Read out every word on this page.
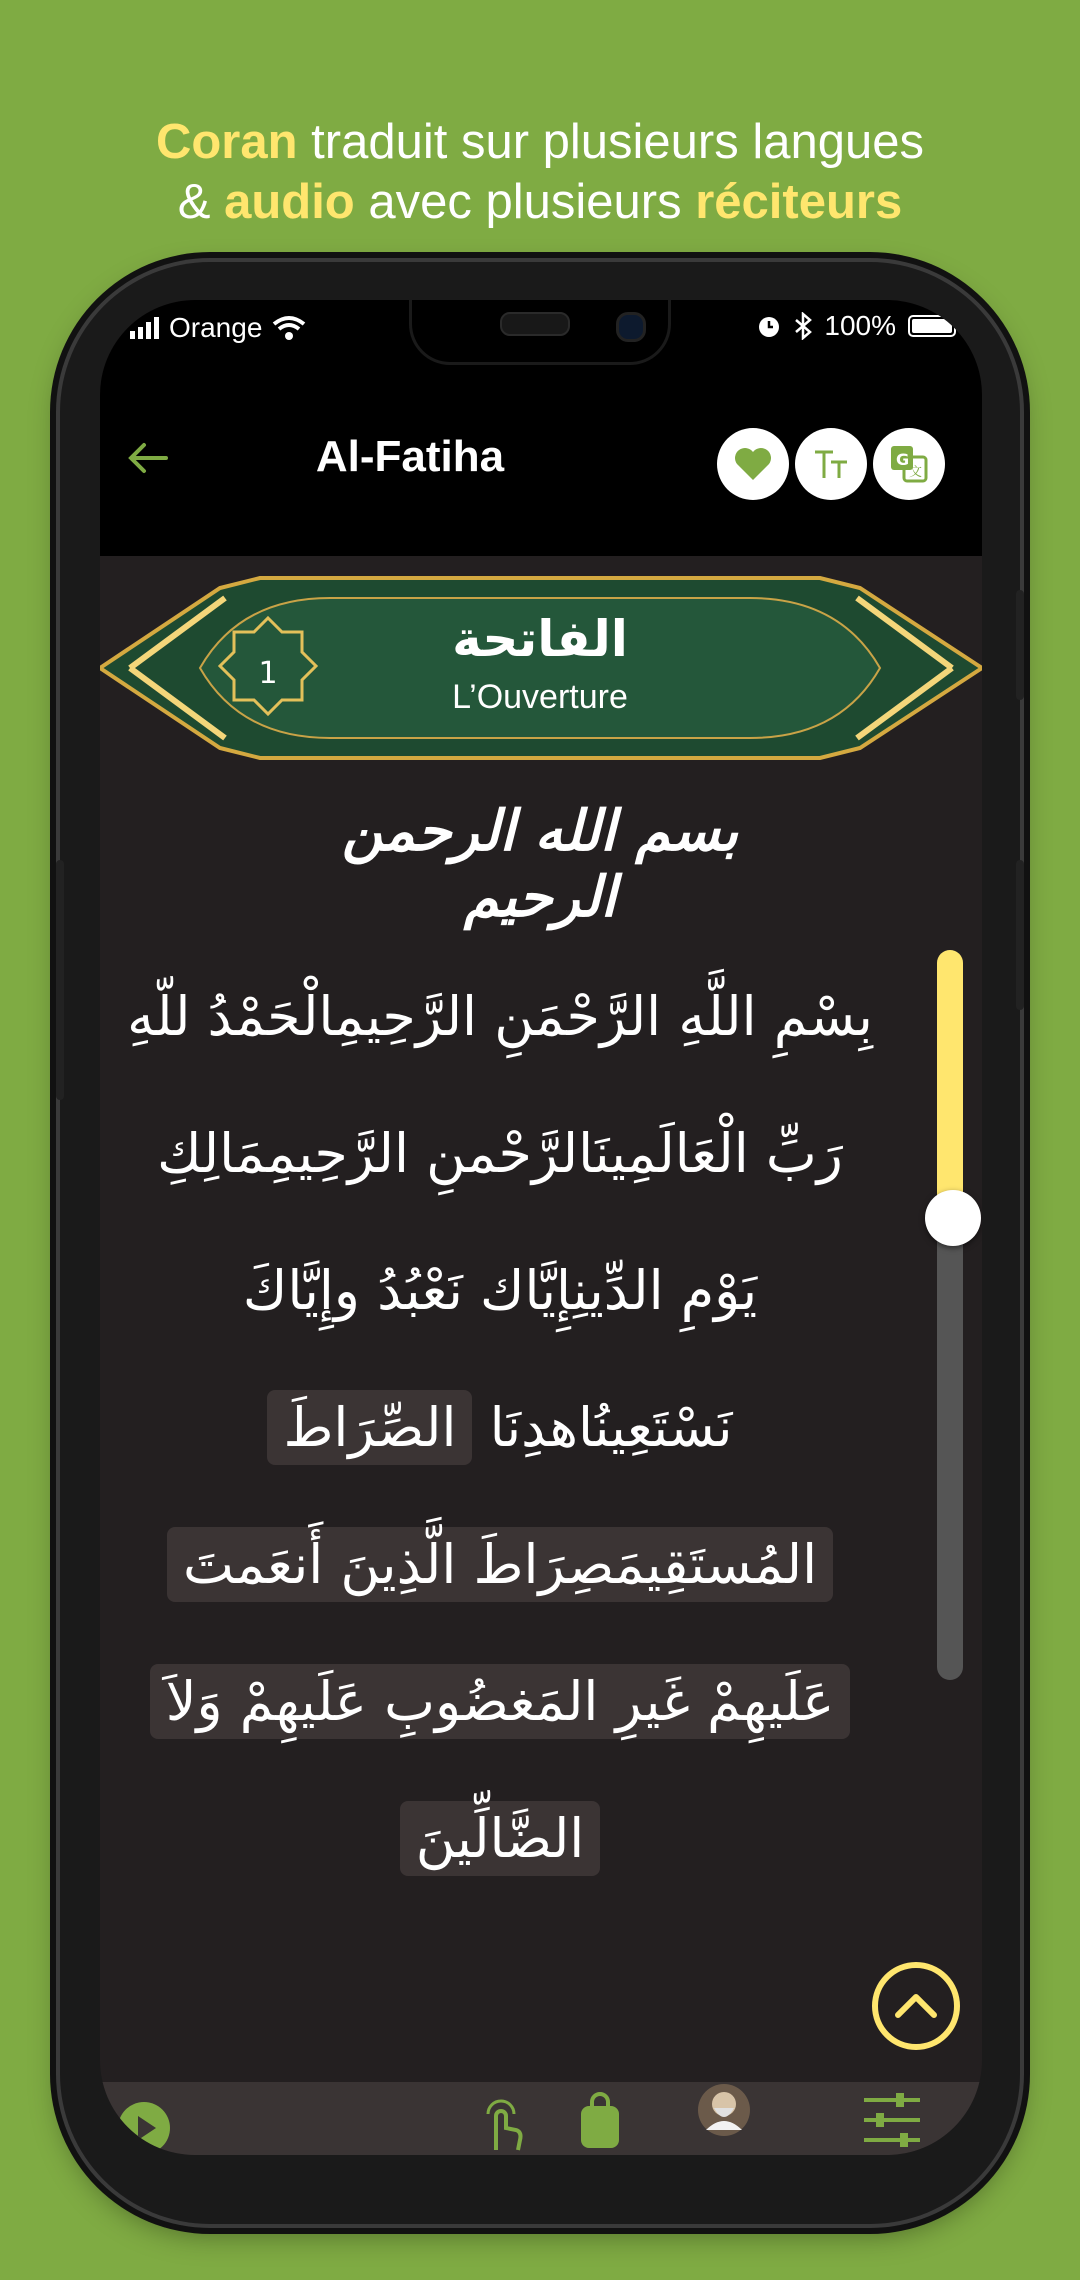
Coran traduit sur plusieurs langues
& audio avec plusieurs réciteurs
Orange	100%
Al-Fatiha	G
文
1
الفاتحة
L’Ouverture
بسم الله الرحمن الرحيم
بِسْمِ اللَّهِ الرَّحْمَنِ الرَّحِيمِالْحَمْدُ للّهِ
رَبِّ الْعَالَمِينَالرَّحْمنِ الرَّحِيمِمَالِكِ
يَوْمِ الدِّينِإِيَّاك نَعْبُدُ وإِيَّاكَ
نَسْتَعِينُاهدِنَا

الصِّرَاطَ
المُستَقِيمَصِرَاطَ الَّذِينَ أَنعَمتَ
عَلَيهِمْ غَيرِ المَغضُوبِ عَلَيهِمْ وَلاَ
الضَّالِّينَ
